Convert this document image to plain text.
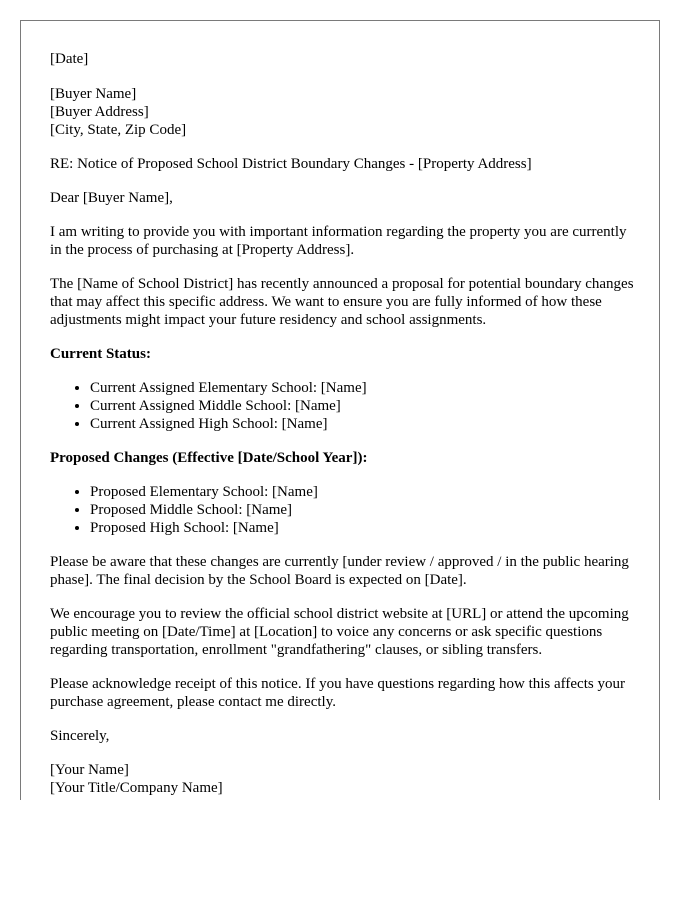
[Date]

[Buyer Name]
[Buyer Address]
[City, State, Zip Code]

RE: Notice of Proposed School District Boundary Changes - [Property Address]

Dear [Buyer Name],

I am writing to provide you with important information regarding the property you are currently in the process of purchasing at [Property Address].

The [Name of School District] has recently announced a proposal for potential boundary changes that may affect this specific address. We want to ensure you are fully informed of how these adjustments might impact your future residency and school assignments.

Current Status:

• Current Assigned Elementary School: [Name]
• Current Assigned Middle School: [Name]
• Current Assigned High School: [Name]

Proposed Changes (Effective [Date/School Year]):

• Proposed Elementary School: [Name]
• Proposed Middle School: [Name]
• Proposed High School: [Name]

Please be aware that these changes are currently [under review / approved / in the public hearing phase]. The final decision by the School Board is expected on [Date].

We encourage you to review the official school district website at [URL] or attend the upcoming public meeting on [Date/Time] at [Location] to voice any concerns or ask specific questions regarding transportation, enrollment "grandfathering" clauses, or sibling transfers.

Please acknowledge receipt of this notice. If you have questions regarding how this affects your purchase agreement, please contact me directly.

Sincerely,

[Your Name]
[Your Title/Company Name]
